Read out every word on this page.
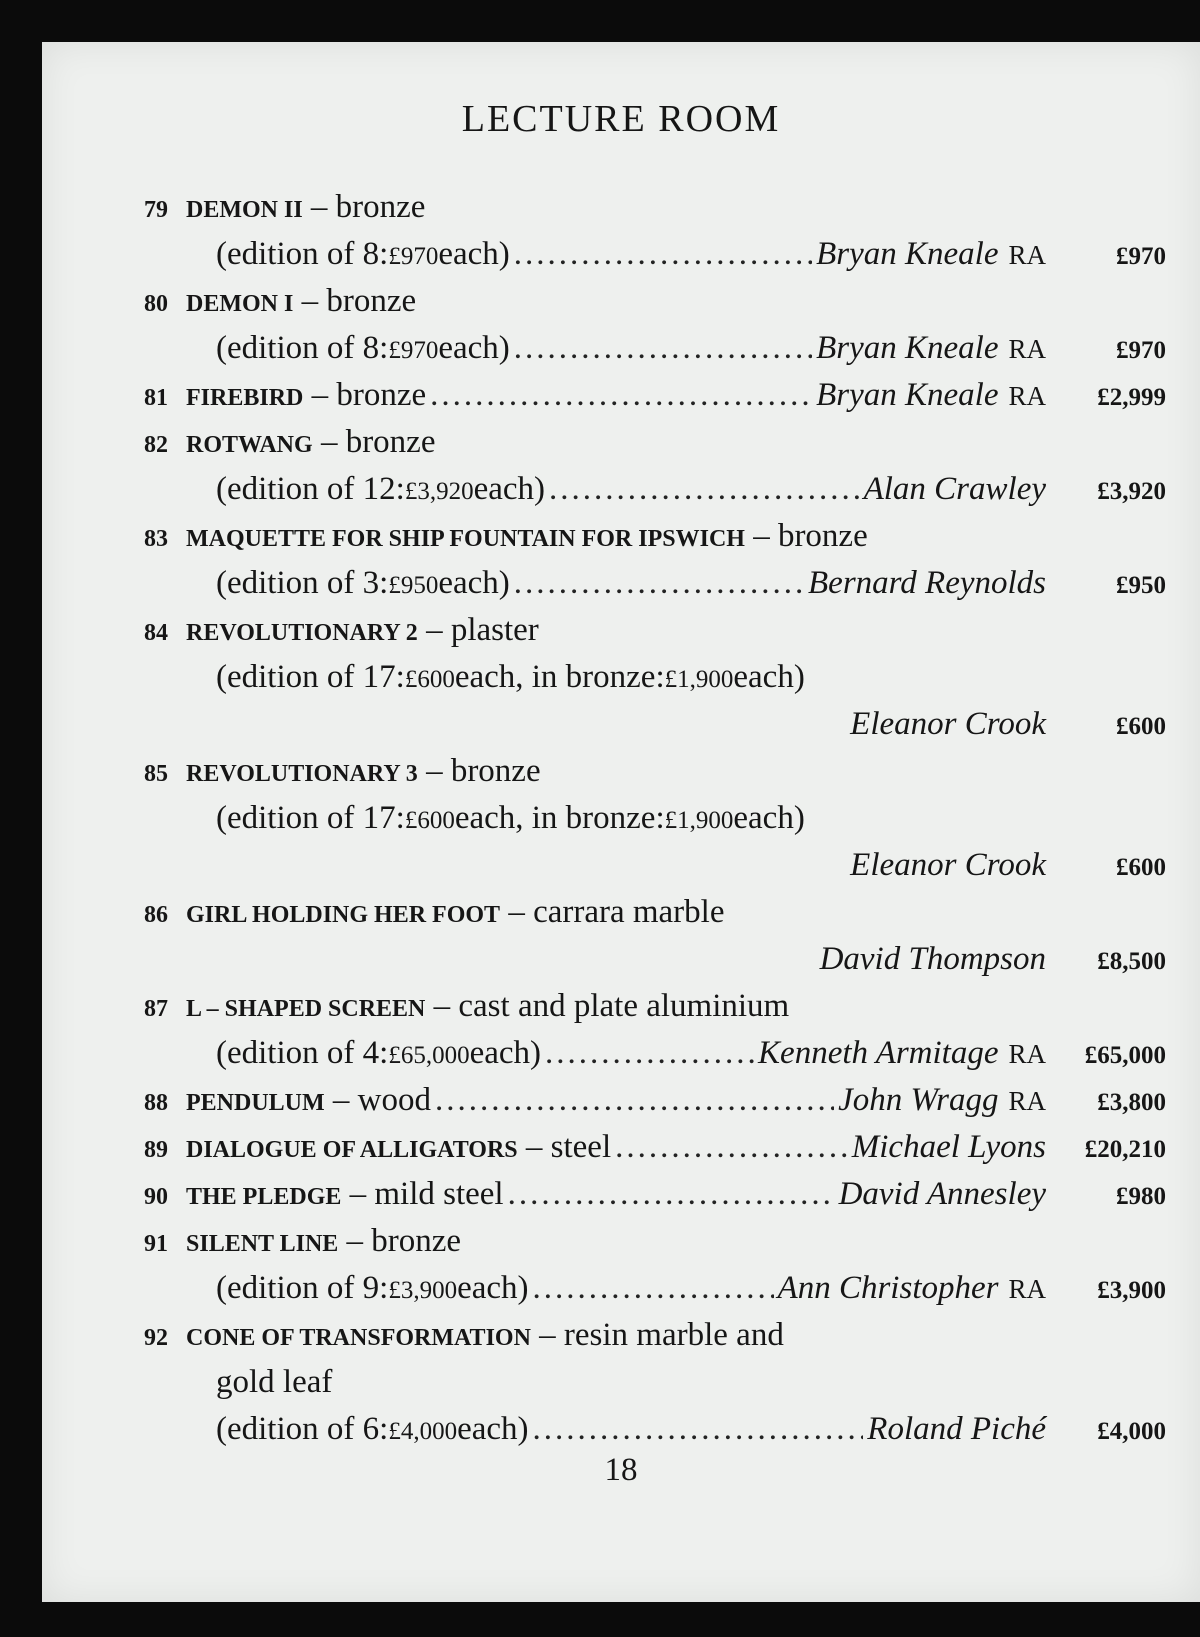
LECTURE ROOM
79 DEMON II
– bronze
(edition of 8: £970 each) .....	Bryan Kneale RA	£970
80 DEMON I
– bronze
(edition of 8: £970 each) .....	Bryan Kneale RA	£970
81 FIREBIRD
– bronze .....	Bryan Kneale RA	£2,999
82 ROTWANG
– bronze
(edition of 12: £3,920 each) .....	Alan Crawley	£3,920
83 MAQUETTE FOR SHIP FOUNTAIN FOR IPSWICH
– bronze
(edition of 3: £950 each) .....	Bernard Reynolds	£950
84 REVOLUTIONARY 2
– plaster
(edition of 17: £600 each, in bronze: £1,900 each)
Eleanor Crook	£600
85 REVOLUTIONARY 3
– bronze
(edition of 17: £600 each, in bronze: £1,900 each)
Eleanor Crook	£600
86 GIRL HOLDING HER FOOT
– carrara marble
David Thompson	£8,500
87 L – SHAPED SCREEN
– cast and plate aluminium
(edition of 4: £65,000 each) .....	Kenneth Armitage RA	£65,000
88 PENDULUM
– wood .....	John Wragg RA	£3,800
89 DIALOGUE OF ALLIGATORS
– steel .....	Michael Lyons	£20,210
90 THE PLEDGE
– mild steel .....	David Annesley	£980
91 SILENT LINE
– bronze
(edition of 9: £3,900 each) .....	Ann Christopher RA	£3,900
92 CONE OF TRANSFORMATION
– resin marble and
gold leaf
(edition of 6: £4,000 each) .....	Roland Piché	£4,000
18
